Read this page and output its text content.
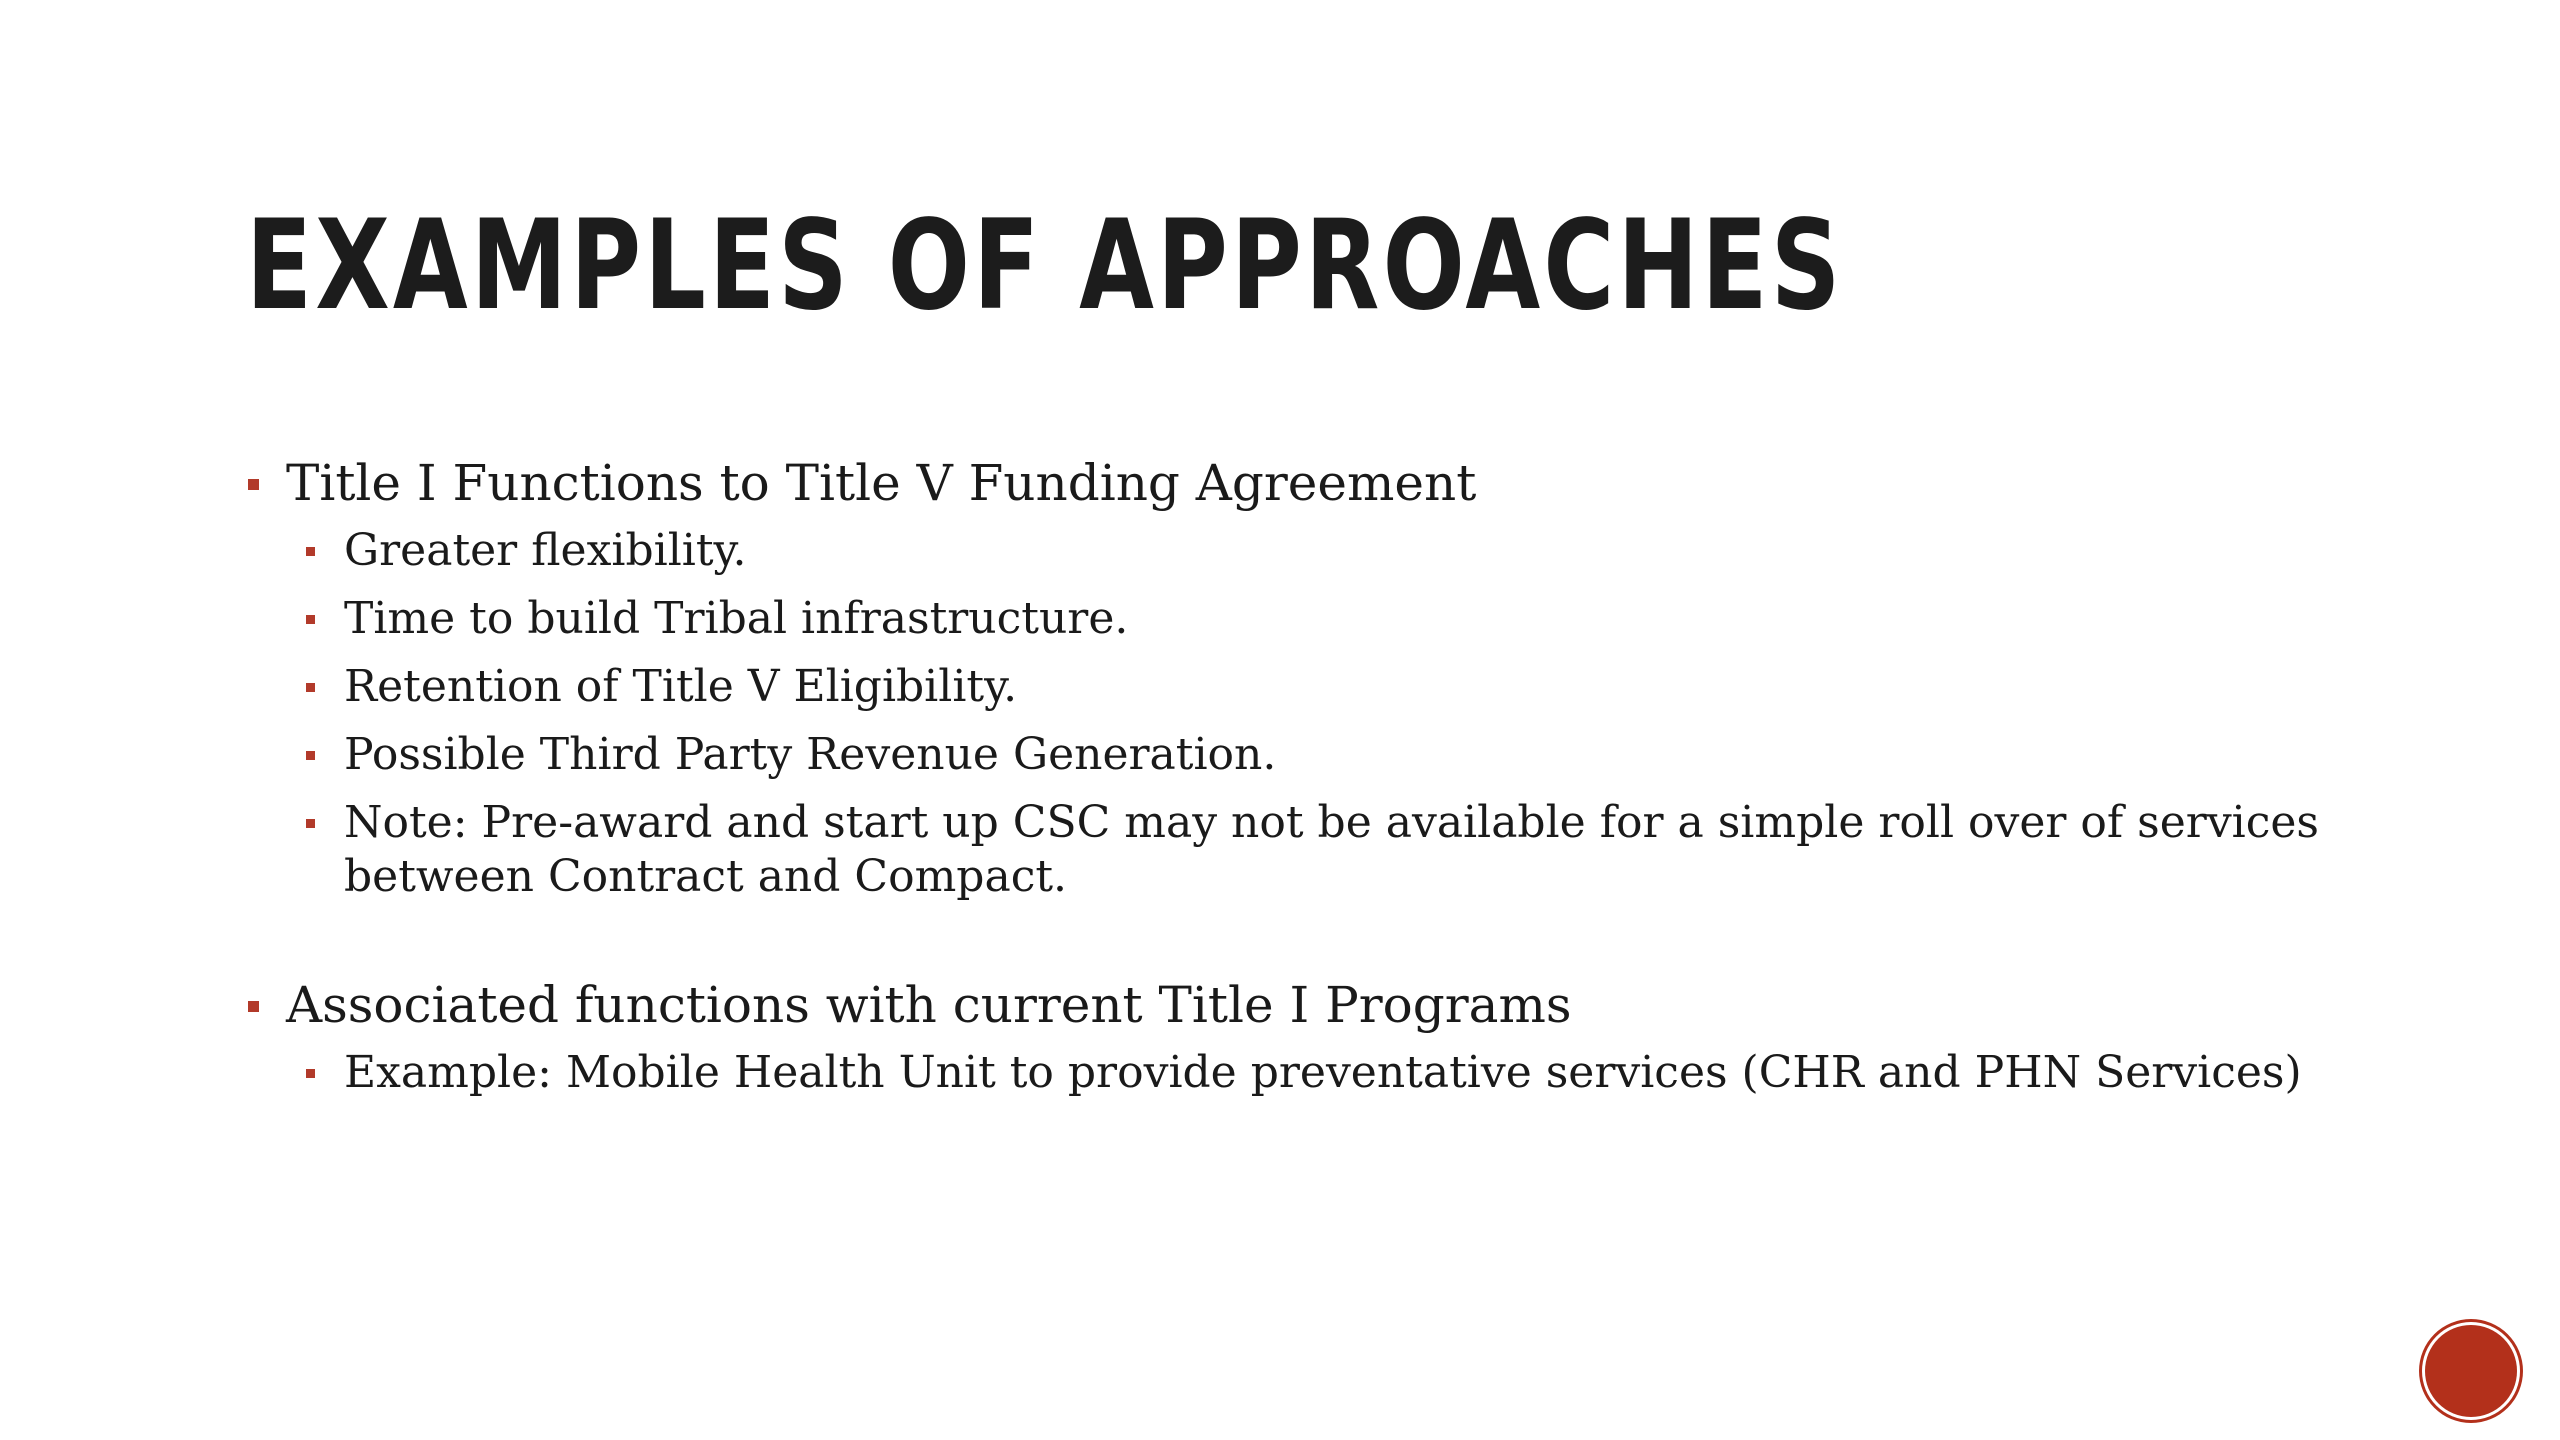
EXAMPLES OF APPROACHES
Title I Functions to Title V Funding Agreement
Greater flexibility.
Time to build Tribal infrastructure.
Retention of Title V Eligibility.
Possible Third Party Revenue Generation.
Note: Pre-award and start up CSC may not be available for a simple roll over of services between Contract and Compact.
Associated functions with current Title I Programs
Example: Mobile Health Unit to provide preventative services (CHR and PHN Services)
